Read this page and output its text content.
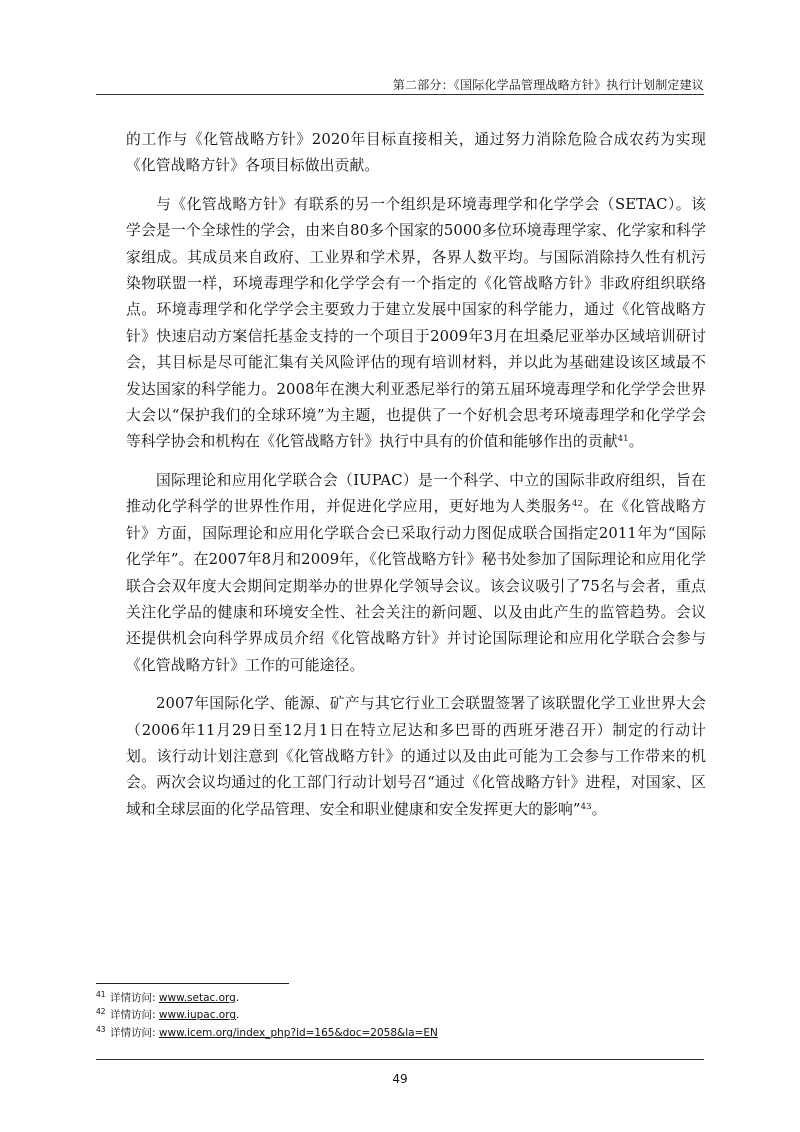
第二部分：《国际化学品管理战略方针》执行计划制定建议

的工作与《化管战略方针》2020年目标直接相关，通过努力消除危险合成农药为实现《化管战略方针》各项目标做出贡献。

与《化管战略方针》有联系的另一个组织是环境毒理学和化学学会（SETAC）。该学会是一个全球性的学会，由来自80多个国家的5000多位环境毒理学家、化学家和科学家组成。其成员来自政府、工业界和学术界，各界人数平均。与国际消除持久性有机污染物联盟一样，环境毒理学和化学学会有一个指定的《化管战略方针》非政府组织联络点。环境毒理学和化学学会主要致力于建立发展中国家的科学能力，通过《化管战略方针》快速启动方案信托基金支持的一个项目于2009年3月在坦桑尼亚举办区域培训研讨会，其目标是尽可能汇集有关风险评估的现有培训材料，并以此为基础建设该区域最不发达国家的科学能力。2008年在澳大利亚悉尼举行的第五届环境毒理学和化学学会世界大会以“保护我们的全球环境”为主题，也提供了一个好机会思考环境毒理学和化学学会等科学协会和机构在《化管战略方针》执行中具有的价值和能够作出的贡献$^{41}$。

国际理论和应用化学联合会（IUPAC）是一个科学、中立的国际非政府组织，旨在推动化学科学的世界性作用，并促进化学应用，更好地为人类服务$^{42}$。在《化管战略方针》方面，国际理论和应用化学联合会已采取行动力图促成联合国指定2011年为“国际化学年”。在2007年8月和2009年，《化管战略方针》秘书处参加了国际理论和应用化学联合会双年度大会期间定期举办的世界化学领导会议。该会议吸引了75名与会者，重点关注化学品的健康和环境安全性、社会关注的新问题、以及由此产生的监管趋势。会议还提供机会向科学界成员介绍《化管战略方针》并讨论国际理论和应用化学联合会参与《化管战略方针》工作的可能途径。

2007年国际化学、能源、矿产与其它行业工会联盟签署了该联盟化学工业世界大会（2006年11月29日至12月1日在特立尼达和多巴哥的西班牙港召开）制定的行动计划。该行动计划注意到《化管战略方针》的通过以及由此可能为工会参与工作带来的机会。两次会议均通过的化工部门行动计划号召“通过《化管战略方针》进程，对国家、区域和全球层面的化学品管理、安全和职业健康和安全发挥更大的影响”$^{43}$。

41 详情访问: www.setac.org.
42 详情访问: www.iupac.org.
43 详情访问: www.icem.org/index_php?id=165&doc=2058&la=EN
49
